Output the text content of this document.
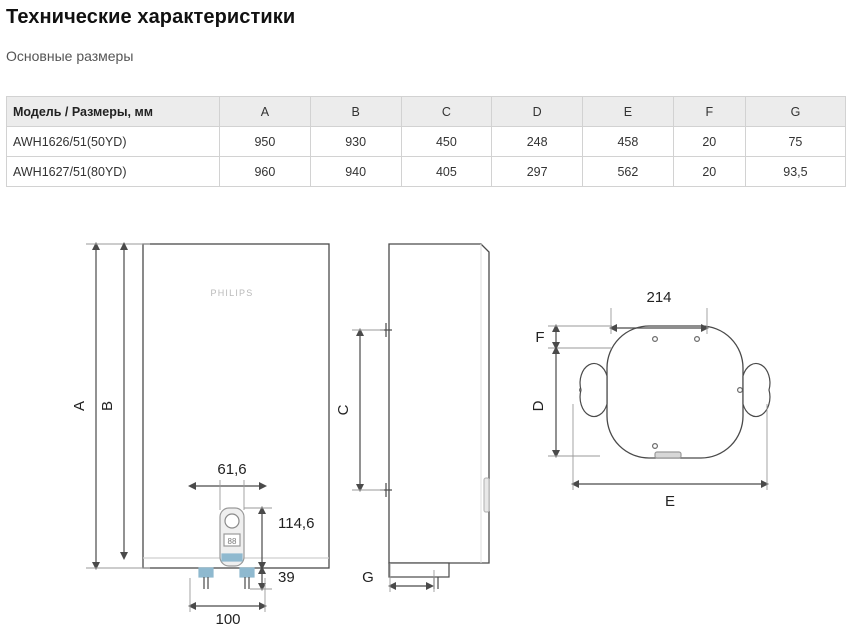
Технические характеристики
Основные размеры
Модель / Размеры, мм	A	B	C	D	E	F	G
AWH1626/51(50YD)	950	930	450	248	458	20	75
AWH1627/51(80YD)	960	940	405	297	562	20	93,5
PHILIPS
A B
61,6
114,6
39
100
88
C
G
214
F
D
E
